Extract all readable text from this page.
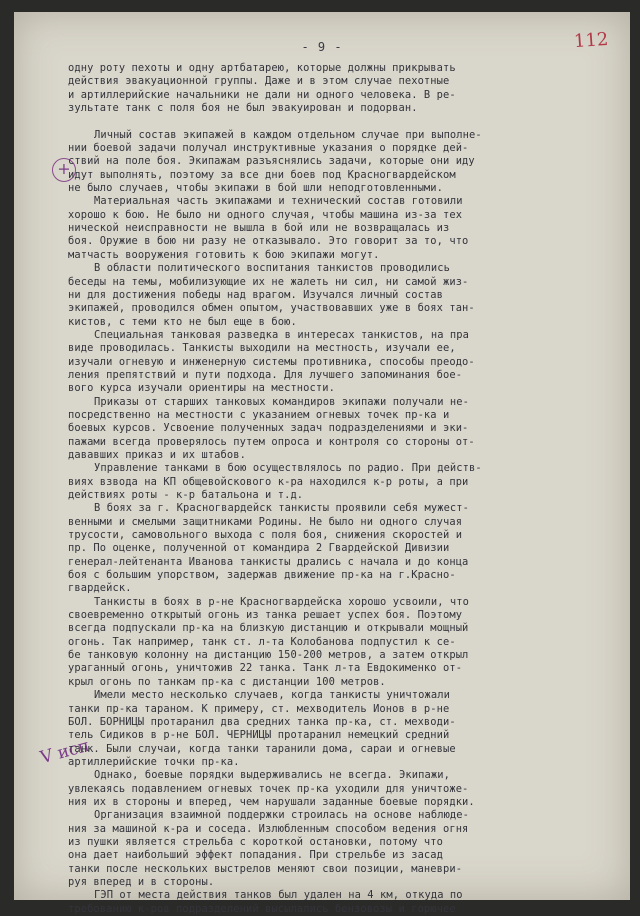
- 9 -	112
+
V исп
одну роту пехоты и одну артбатарею, которые должны прикрывать
действия эвакуационной группы. Даже и в этом случае пехотные
и артиллерийские начальники не дали ни одного человека. В ре-
зультате танк с поля боя не был эвакуирован и подорван.
Личный состав экипажей в каждом отдельном случае при выполне-
нии боевой задачи получал инструктивные указания о порядке дей-
ствий на поле боя. Экипажам разъяснялись задачи, которые они иду
идут выполнять, поэтому за все дни боев под Красногвардейском
не было случаев, чтобы экипажи в бой шли неподготовленными.
Материальная часть экипажами и технический состав готовили
хорошо к бою. Не было ни одного случая, чтобы машина из-за тех
нической неисправности не вышла в бой или не возвращалась из
боя. Оружие в бою ни разу не отказывало. Это говорит за то, что
матчасть вооружения готовить к бою экипажи могут.
В области политического воспитания танкистов проводились
беседы на темы, мобилизующие их не жалеть ни сил, ни самой жиз-
ни для достижения победы над врагом. Изучался личный состав
экипажей, проводился обмен опытом, участвовавших уже в боях тан-
кистов, с теми кто не был еще в бою.
Специальная танковая разведка в интересах танкистов, на пра
виде проводилась. Танкисты выходили на местность, изучали ее,
изучали огневую и инженерную системы противника, способы преодо-
ления препятствий и пути подхода. Для лучшего запоминания бое-
вого курса изучали ориентиры на местности.
Приказы от старших танковых командиров экипажи получали не-
посредственно на местности с указанием огневых точек пр-ка и
боевых курсов. Усвоение полученных задач подразделениями и эки-
пажами всегда проверялось путем опроса и контроля со стороны от-
дававших приказ и их штабов.
Управление танками в бою осуществлялось по радио. При действ-
виях взвода на КП общевойскового к-ра находился к-р роты, а при
действиях роты - к-р батальона и т.д.
В боях за г. Красногвардейск танкисты проявили себя мужест-
венными и смелыми защитниками Родины. Не было ни одного случая
трусости, самовольного выхода с поля боя, снижения скоростей и
пр. По оценке, полученной от командира 2 Гвардейской Дивизии
генерал-лейтенанта Иванова танкисты дрались с начала и до конца
боя с большим упорством, задержав движение пр-ка на г.Красно-
гвардейск.
Танкисты в боях в р-не Красногвардейска хорошо усвоили, что
своевременно открытый огонь из танка решает успех боя. Поэтому
всегда подпускали пр-ка на близкую дистанцию и открывали мощный
огонь. Так например, танк ст. л-та Колобанова подпустил к се-
бе танковую колонну на дистанцию 150-200 метров, а затем открыл
ураганный огонь, уничтожив 22 танка. Танк л-та Евдокименко от-
крыл огонь по танкам пр-ка с дистанции 100 метров.
Имели место несколько случаев, когда танкисты уничтожали
танки пр-ка тараном. К примеру, ст. мехводитель Ионов в р-не
БОЛ. БОРНИЦЫ протаранил два средних танка пр-ка, ст. мехводи-
тель Сидиков в р-не БОЛ. ЧЕРНИЦЫ протаранил немецкий средний
танк. Были случаи, когда танки таранили дома, сараи и огневые
артиллерийские точки пр-ка.
Однако, боевые порядки выдерживались не всегда. Экипажи,
увлекаясь подавлением огневых точек пр-ка уходили для уничтоже-
ния их в стороны и вперед, чем нарушали заданные боевые порядки.
Организация взаимной поддержки строилась на основе наблюде-
ния за машиной к-ра и соседа. Излюбленным способом ведения огня
из пушки является стрельба с короткой остановки, потому что
она дает наибольший эффект попадания. При стрельбе из засад
танки после нескольких выстрелов меняют свои позиции, маневри-
руя вперед и в стороны.
ГЭП от места действия танков был удален на 4 км, откуда по
требованию к-ров подразделений высылались бензовозы и горючее
